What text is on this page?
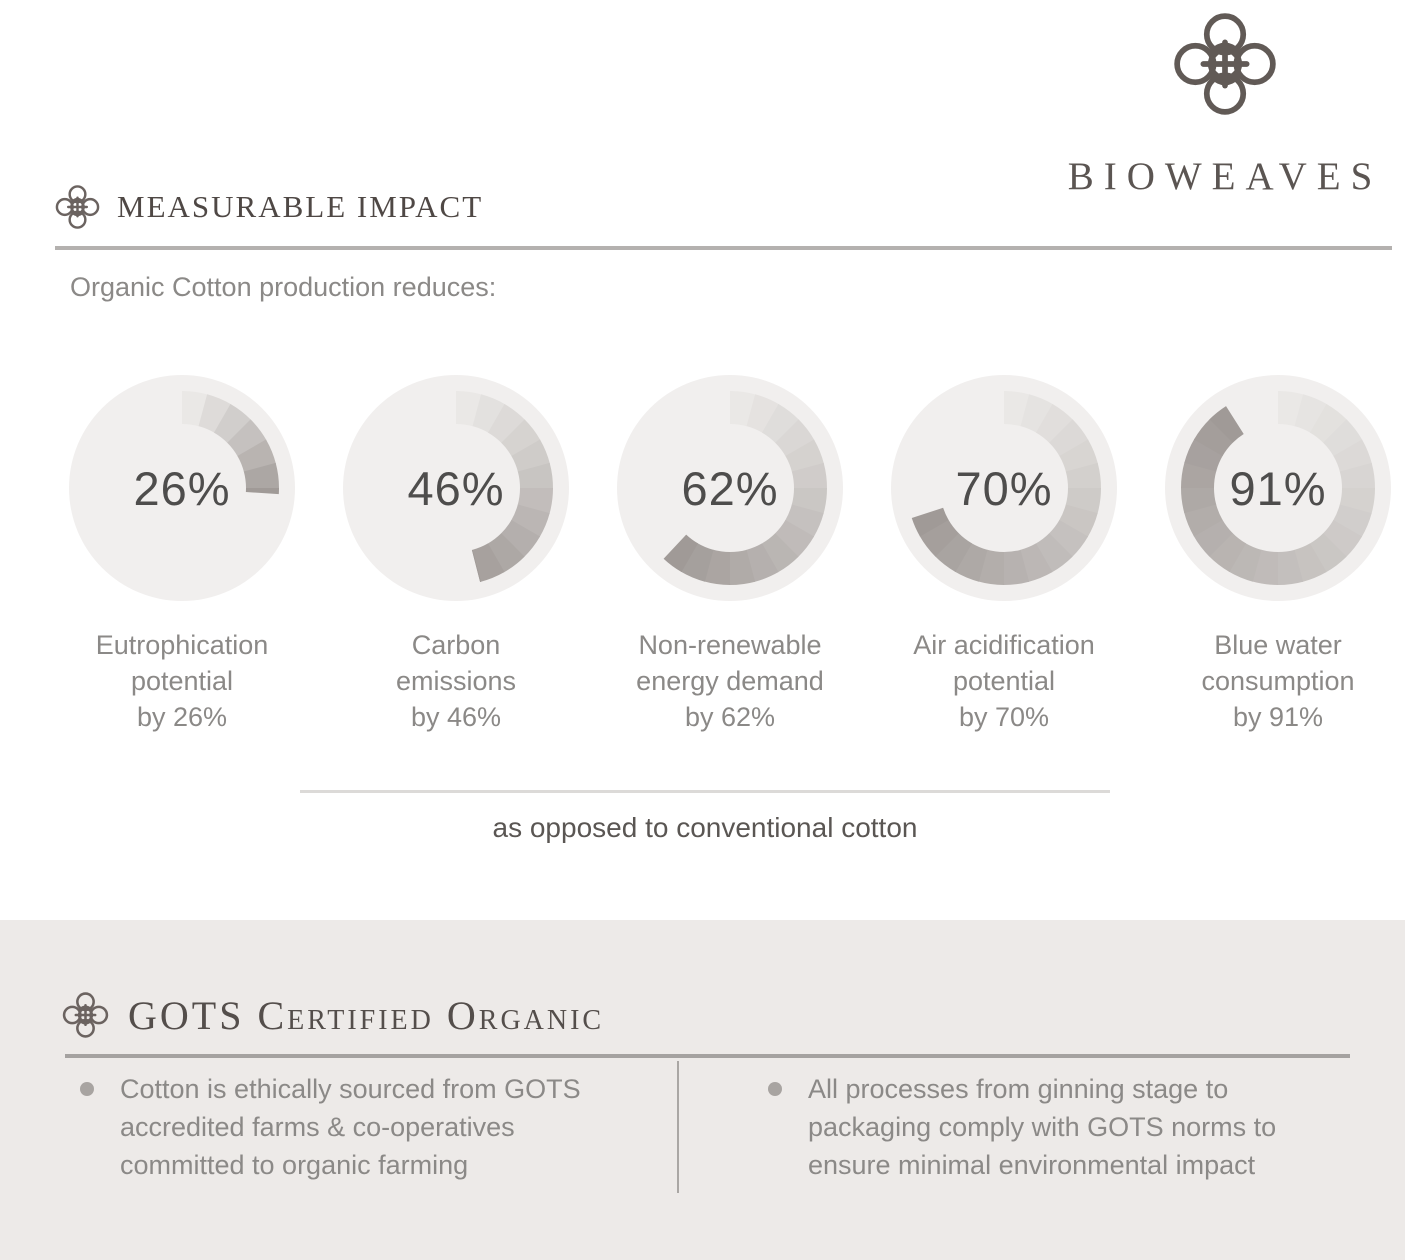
BIOWEAVES
MEASURABLE IMPACT
Organic Cotton production reduces:
26%
Eutrophication
potential
by 26%
46%
Carbon
emissions
by 46%
62%
Non-renewable
energy demand
by 62%
70%
Air acidification
potential
by 70%
91%
Blue water
consumption
by 91%
as opposed to conventional cotton
GOTS Certified Organic
Cotton is ethically sourced from GOTS
accredited farms & co-operatives
committed to organic farming
All processes from ginning stage to
packaging comply with GOTS norms to
ensure minimal environmental impact
